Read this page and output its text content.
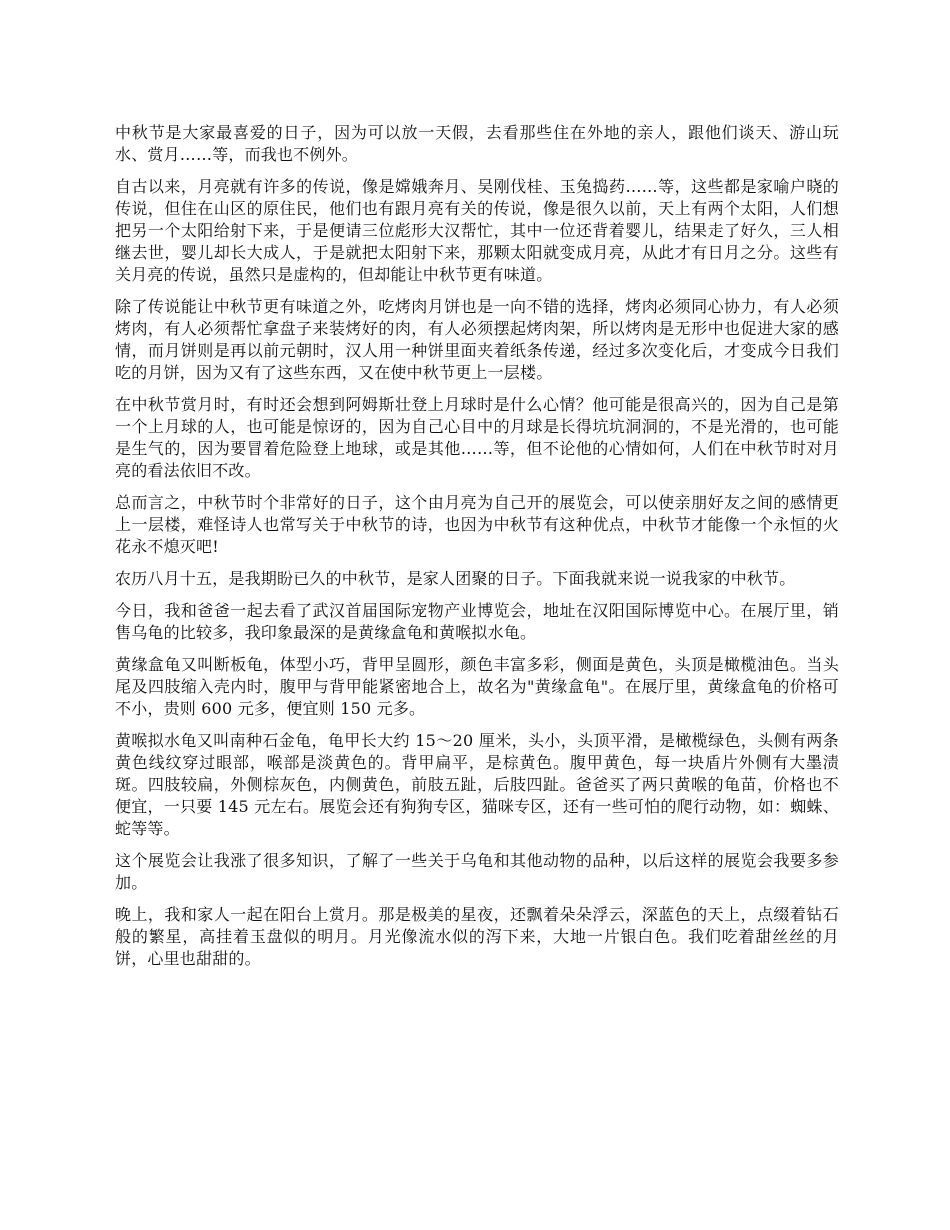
中秋节是大家最喜爱的日子，因为可以放一天假，去看那些住在外地的亲人，跟他们谈天、游山玩水、赏月……等，而我也不例外。

自古以来，月亮就有许多的传说，像是嫦娥奔月、吴刚伐桂、玉兔捣药……等，这些都是家喻户晓的传说，但住在山区的原住民，他们也有跟月亮有关的传说，像是很久以前，天上有两个太阳，人们想把另一个太阳给射下来，于是便请三位彪形大汉帮忙，其中一位还背着婴儿，结果走了好久，三人相继去世，婴儿却长大成人，于是就把太阳射下来，那颗太阳就变成月亮，从此才有日月之分。这些有关月亮的传说，虽然只是虚构的，但却能让中秋节更有味道。

除了传说能让中秋节更有味道之外，吃烤肉月饼也是一向不错的选择，烤肉必须同心协力，有人必须烤肉，有人必须帮忙拿盘子来装烤好的肉，有人必须摆起烤肉架，所以烤肉是无形中也促进大家的感情，而月饼则是再以前元朝时，汉人用一种饼里面夹着纸条传递，经过多次变化后，才变成今日我们吃的月饼，因为又有了这些东西，又在使中秋节更上一层楼。

在中秋节赏月时，有时还会想到阿姆斯壮登上月球时是什么心情？他可能是很高兴的，因为自己是第一个上月球的人，也可能是惊讶的，因为自己心目中的月球是长得坑坑洞洞的，不是光滑的，也可能是生气的，因为要冒着危险登上地球，或是其他……等，但不论他的心情如何，人们在中秋节时对月亮的看法依旧不改。

总而言之，中秋节时个非常好的日子，这个由月亮为自己开的展览会，可以使亲朋好友之间的感情更上一层楼，难怪诗人也常写关于中秋节的诗，也因为中秋节有这种优点，中秋节才能像一个永恒的火花永不熄灭吧!

农历八月十五，是我期盼已久的中秋节，是家人团聚的日子。下面我就来说一说我家的中秋节。

今日，我和爸爸一起去看了武汉首届国际宠物产业博览会，地址在汉阳国际博览中心。在展厅里，销售乌龟的比较多，我印象最深的是黄缘盒龟和黄喉拟水龟。

黄缘盒龟又叫断板龟，体型小巧，背甲呈圆形，颜色丰富多彩，侧面是黄色，头顶是橄榄油色。当头尾及四肢缩入壳内时，腹甲与背甲能紧密地合上，故名为"黄缘盒龟"。在展厅里，黄缘盒龟的价格可不小，贵则 600 元多，便宜则 150 元多。

黄喉拟水龟又叫南种石金龟，龟甲长大约 15～20 厘米，头小，头顶平滑，是橄榄绿色，头侧有两条黄色线纹穿过眼部，喉部是淡黄色的。背甲扁平，是棕黄色。腹甲黄色，每一块盾片外侧有大墨渍斑。四肢较扁，外侧棕灰色，内侧黄色，前肢五趾，后肢四趾。爸爸买了两只黄喉的龟苗，价格也不便宜，一只要 145 元左右。展览会还有狗狗专区，猫咪专区，还有一些可怕的爬行动物，如：蜘蛛、蛇等等。

这个展览会让我涨了很多知识，了解了一些关于乌龟和其他动物的品种，以后这样的展览会我要多参加。

晚上，我和家人一起在阳台上赏月。那是极美的星夜，还飘着朵朵浮云，深蓝色的天上，点缀着钻石般的繁星，高挂着玉盘似的明月。月光像流水似的泻下来，大地一片银白色。我们吃着甜丝丝的月饼，心里也甜甜的。
